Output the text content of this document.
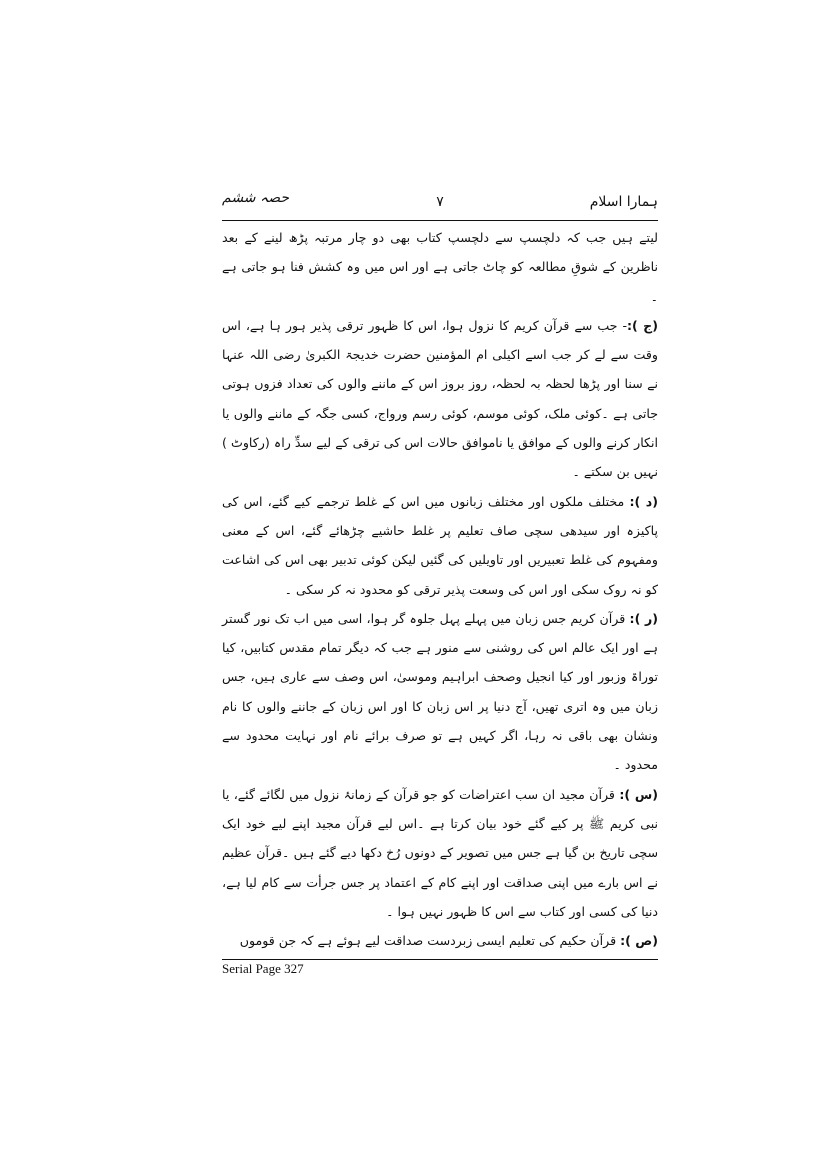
ہمارا اسلام
۷
حصہ ششم

لیتے ہیں جب کہ دلچسپ سے دلچسپ کتاب بھی دو چار مرتبہ پڑھ لینے کے بعد ناظرین کے شوقِ مطالعہ کو چاٹ جاتی ہے اور اس میں وہ کشش فنا ہو جاتی ہے ۔

(ج ):- جب سے قرآن کریم کا نزول ہوا، اس کا ظہور ترقی پذیر ہور ہا ہے، اس وقت سے لے کر جب اسے اکیلی ام المؤمنین حضرت خدیجۃ الکبریٰ رضی اللہ عنہا نے سنا اور پڑھا لحظہ بہ لحظہ، روز بروز اس کے ماننے والوں کی تعداد فزوں ہوتی جاتی ہے ۔کوئی ملک، کوئی موسم، کوئی رسم ورواج، کسی جگہ کے ماننے والوں یا انکار کرنے والوں کے موافق یا ناموافق حالات اس کی ترقی کے لیے سدِّ راہ (رکاوٹ ) نہیں بن سکتے ۔

(د ): مختلف ملکوں اور مختلف زبانوں میں اس کے غلط ترجمے کیے گئے، اس کی پاکیزہ اور سیدھی سچی صاف تعلیم پر غلط حاشیے چڑھائے گئے، اس کے معنی ومفہوم کی غلط تعبیریں اور تاویلیں کی گئیں لیکن کوئی تدبیر بھی اس کی اشاعت کو نہ روک سکی اور اس کی وسعت پذیر ترقی کو محدود نہ کر سکی ۔

(ر ): قرآن کریم جس زبان میں پہلے پہل جلوہ گر ہوا، اسی میں اب تک نور گستر ہے اور ایک عالم اس کی روشنی سے منور ہے جب کہ دیگر تمام مقدس کتابیں، کیا توراۃ وزبور اور کیا انجیل وصحف ابراہیم وموسیٰ، اس وصف سے عاری ہیں، جس زبان میں وہ اتری تھیں، آج دنیا پر اس زبان کا اور اس زبان کے جاننے والوں کا نام ونشان بھی باقی نہ رہا، اگر کہیں ہے تو صرف برائے نام اور نہایت محدود سے محدود ۔

(س ): قرآن مجید ان سب اعتراضات کو جو قرآن کے زمانۂ نزول میں لگائے گئے، یا نبی کریم ﷺ پر کیے گئے خود بیان کرتا ہے ۔اس لیے قرآن مجید اپنے لیے خود ایک سچی تاریخ بن گیا ہے جس میں تصویر کے دونوں رُخ دکھا دیے گئے ہیں ۔قرآن عظیم نے اس بارے میں اپنی صداقت اور اپنے کام کے اعتماد پر جس جرأت سے کام لیا ہے، دنیا کی کسی اور کتاب سے اس کا ظہور نہیں ہوا ۔

(ص ): قرآن حکیم کی تعلیم ایسی زبردست صداقت لیے ہوئے ہے کہ جن قوموں

Serial Page 327
